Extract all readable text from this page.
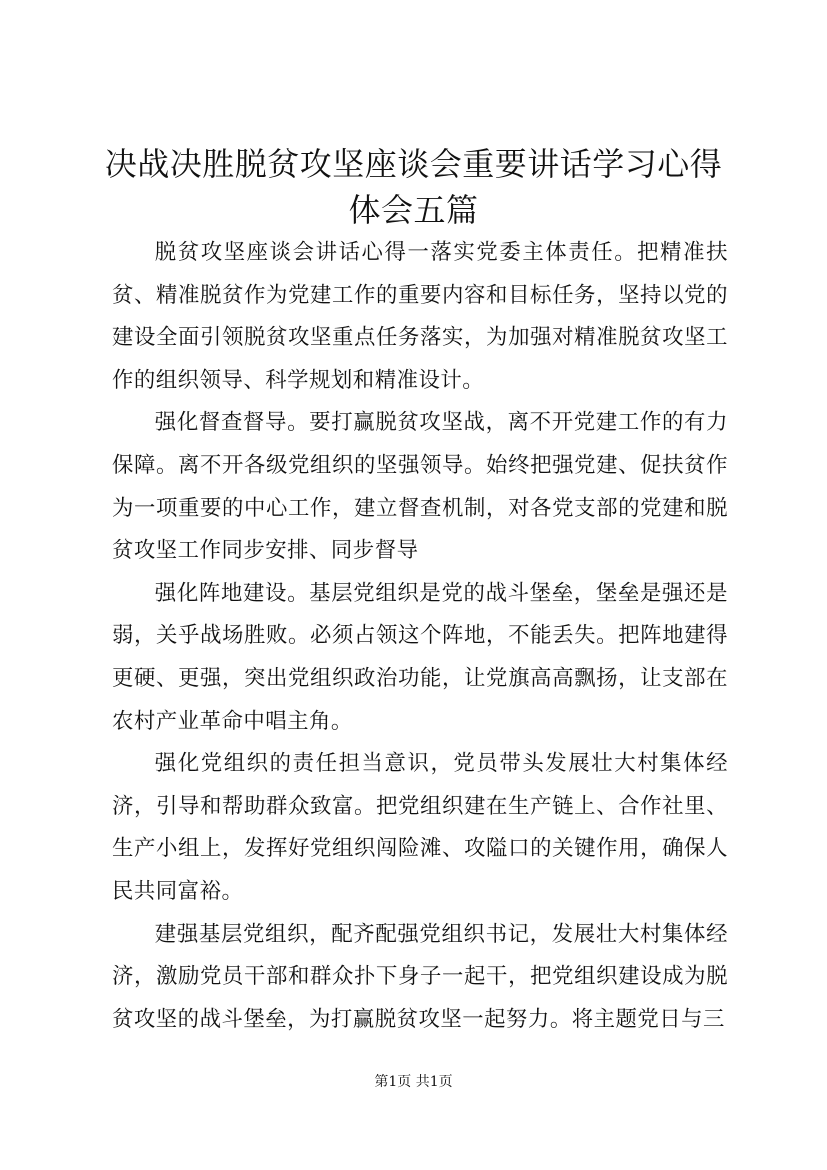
决战决胜脱贫攻坚座谈会重要讲话学习心得体会五篇

脱贫攻坚座谈会讲话心得一落实党委主体责任。把精准扶贫、精准脱贫作为党建工作的重要内容和目标任务，坚持以党的建设全面引领脱贫攻坚重点任务落实，为加强对精准脱贫攻坚工作的组织领导、科学规划和精准设计。

强化督查督导。要打赢脱贫攻坚战，离不开党建工作的有力保障。离不开各级党组织的坚强领导。始终把强党建、促扶贫作为一项重要的中心工作，建立督查机制，对各党支部的党建和脱贫攻坚工作同步安排、同步督导

强化阵地建设。基层党组织是党的战斗堡垒，堡垒是强还是弱，关乎战场胜败。必须占领这个阵地，不能丢失。把阵地建得更硬、更强，突出党组织政治功能，让党旗高高飘扬，让支部在农村产业革命中唱主角。

强化党组织的责任担当意识，党员带头发展壮大村集体经济，引导和帮助群众致富。把党组织建在生产链上、合作社里、生产小组上，发挥好党组织闯险滩、攻隘口的关键作用，确保人民共同富裕。

建强基层党组织，配齐配强党组织书记，发展壮大村集体经济，激励党员干部和群众扑下身子一起干，把党组织建设成为脱贫攻坚的战斗堡垒，为打赢脱贫攻坚一起努力。将主题党日与三

第1页 共1页
